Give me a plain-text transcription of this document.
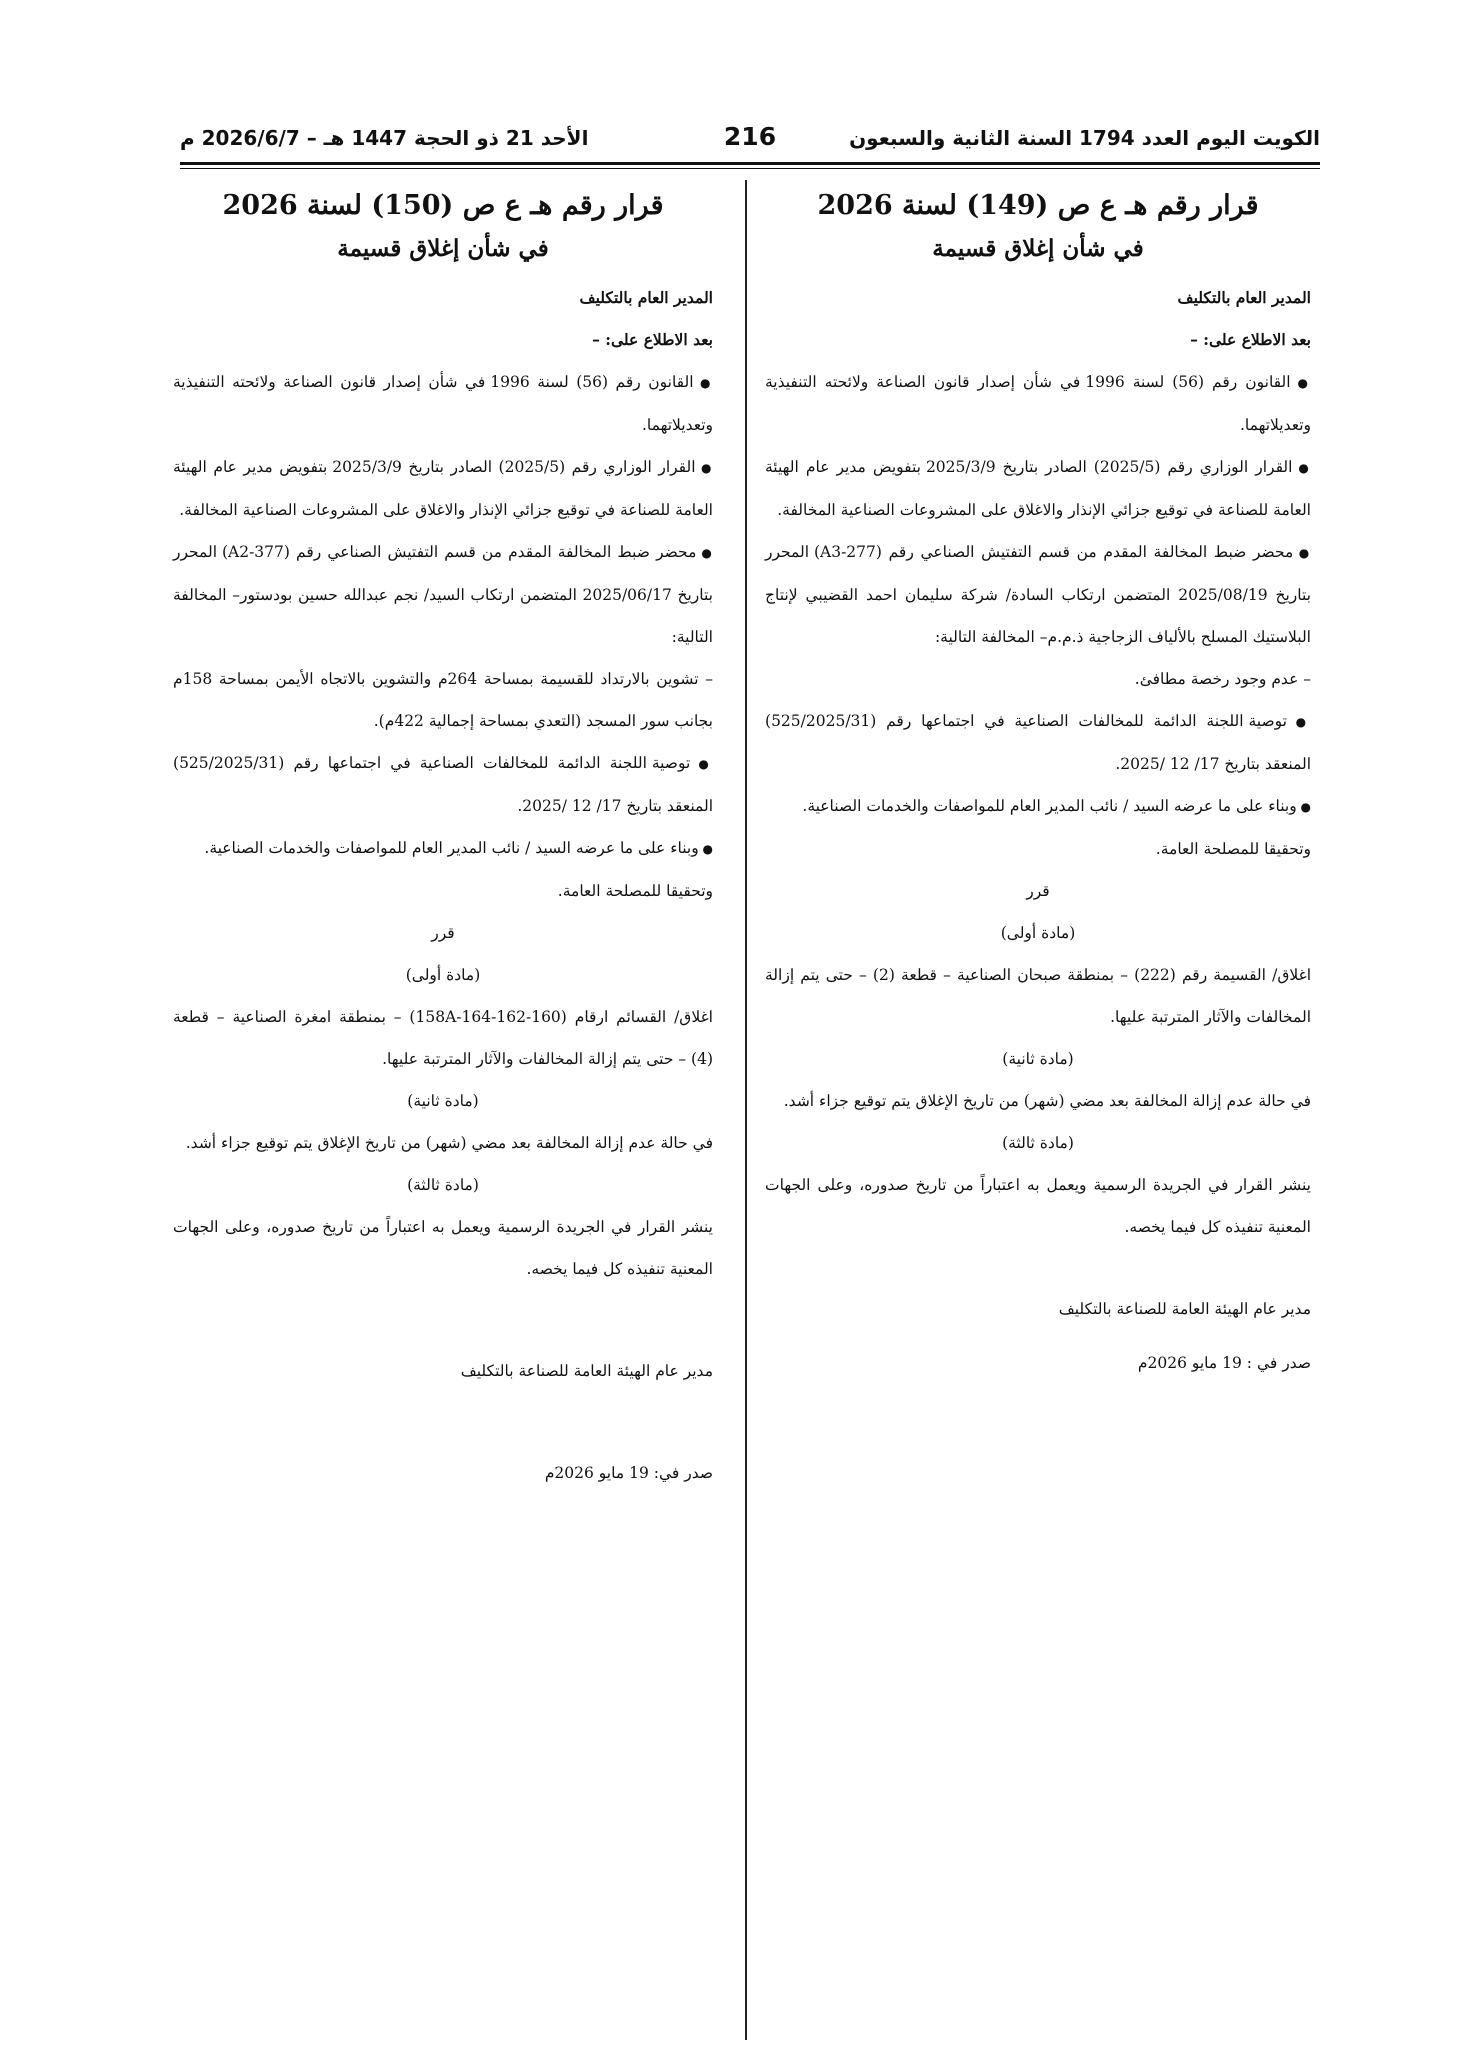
الكويت اليوم العدد 1794 السنة الثانية والسبعون
216
الأحد 21 ذو الحجة 1447 هـ – 2026/6/7 م

قرار رقم هـ ع ص (149) لسنة 2026

في شأن إغلاق قسيمة

المدير العام بالتكليف

بعد الاطلاع على: –

● القانون رقم (56) لسنة 1996 في شأن إصدار قانون الصناعة ولائحته التنفيذية وتعديلاتهما.

● القرار الوزاري رقم (2025/5) الصادر بتاريخ 2025/3/9 بتفويض مدير عام الهيئة العامة للصناعة في توقيع جزائي الإنذار والاغلاق على المشروعات الصناعية المخالفة.

● محضر ضبط المخالفة المقدم من قسم التفتيش الصناعي رقم (A3-277) المحرر بتاريخ 2025/08/19 المتضمن ارتكاب السادة/ شركة سليمان احمد القضيبي لإنتاج البلاستيك المسلح بالألياف الزجاجية ذ.م.م– المخالفة التالية:

– عدم وجود رخصة مطافئ.

● توصية اللجنة الدائمة للمخالفات الصناعية في اجتماعها رقم (525/2025/31) المنعقد بتاريخ 17/ 12 /2025.

● وبناء على ما عرضه السيد / نائب المدير العام للمواصفات والخدمات الصناعية.

وتحقيقا للمصلحة العامة.

قرر

(مادة أولى)

اغلاق/ القسيمة رقم (222) – بمنطقة صبحان الصناعية – قطعة (2) – حتى يتم إزالة المخالفات والآثار المترتبة عليها.

(مادة ثانية)

في حالة عدم إزالة المخالفة بعد مضي (شهر) من تاريخ الإغلاق يتم توقيع جزاء أشد.

(مادة ثالثة)

ينشر القرار في الجريدة الرسمية ويعمل به اعتباراً من تاريخ صدوره، وعلى الجهات المعنية تنفيذه كل فيما يخصه.

مدير عام الهيئة العامة للصناعة بالتكليف

صدر في : 19 مايو 2026م

قرار رقم هـ ع ص (150) لسنة 2026

في شأن إغلاق قسيمة

المدير العام بالتكليف

بعد الاطلاع على: –

● القانون رقم (56) لسنة 1996 في شأن إصدار قانون الصناعة ولائحته التنفيذية وتعديلاتهما.

● القرار الوزاري رقم (2025/5) الصادر بتاريخ 2025/3/9 بتفويض مدير عام الهيئة العامة للصناعة في توقيع جزائي الإنذار والاغلاق على المشروعات الصناعية المخالفة.

● محضر ضبط المخالفة المقدم من قسم التفتيش الصناعي رقم (A2-377) المحرر بتاريخ 2025/06/17 المتضمن ارتكاب السيد/ نجم عبدالله حسين بودستور– المخالفة التالية:

– تشوين بالارتداد للقسيمة بمساحة 264م والتشوين بالاتجاه الأيمن بمساحة 158م بجانب سور المسجد (التعدي بمساحة إجمالية 422م).

● توصية اللجنة الدائمة للمخالفات الصناعية في اجتماعها رقم (525/2025/31) المنعقد بتاريخ 17/ 12 /2025.

● وبناء على ما عرضه السيد / نائب المدير العام للمواصفات والخدمات الصناعية.

وتحقيقا للمصلحة العامة.

قرر

(مادة أولى)

اغلاق/ القسائم ارقام (160-162-164-158A) – بمنطقة امغرة الصناعية – قطعة (4) – حتى يتم إزالة المخالفات والآثار المترتبة عليها.

(مادة ثانية)

في حالة عدم إزالة المخالفة بعد مضي (شهر) من تاريخ الإغلاق يتم توقيع جزاء أشد.

(مادة ثالثة)

ينشر القرار في الجريدة الرسمية ويعمل به اعتباراً من تاريخ صدوره، وعلى الجهات المعنية تنفيذه كل فيما يخصه.

مدير عام الهيئة العامة للصناعة بالتكليف

صدر في: 19 مايو 2026م
